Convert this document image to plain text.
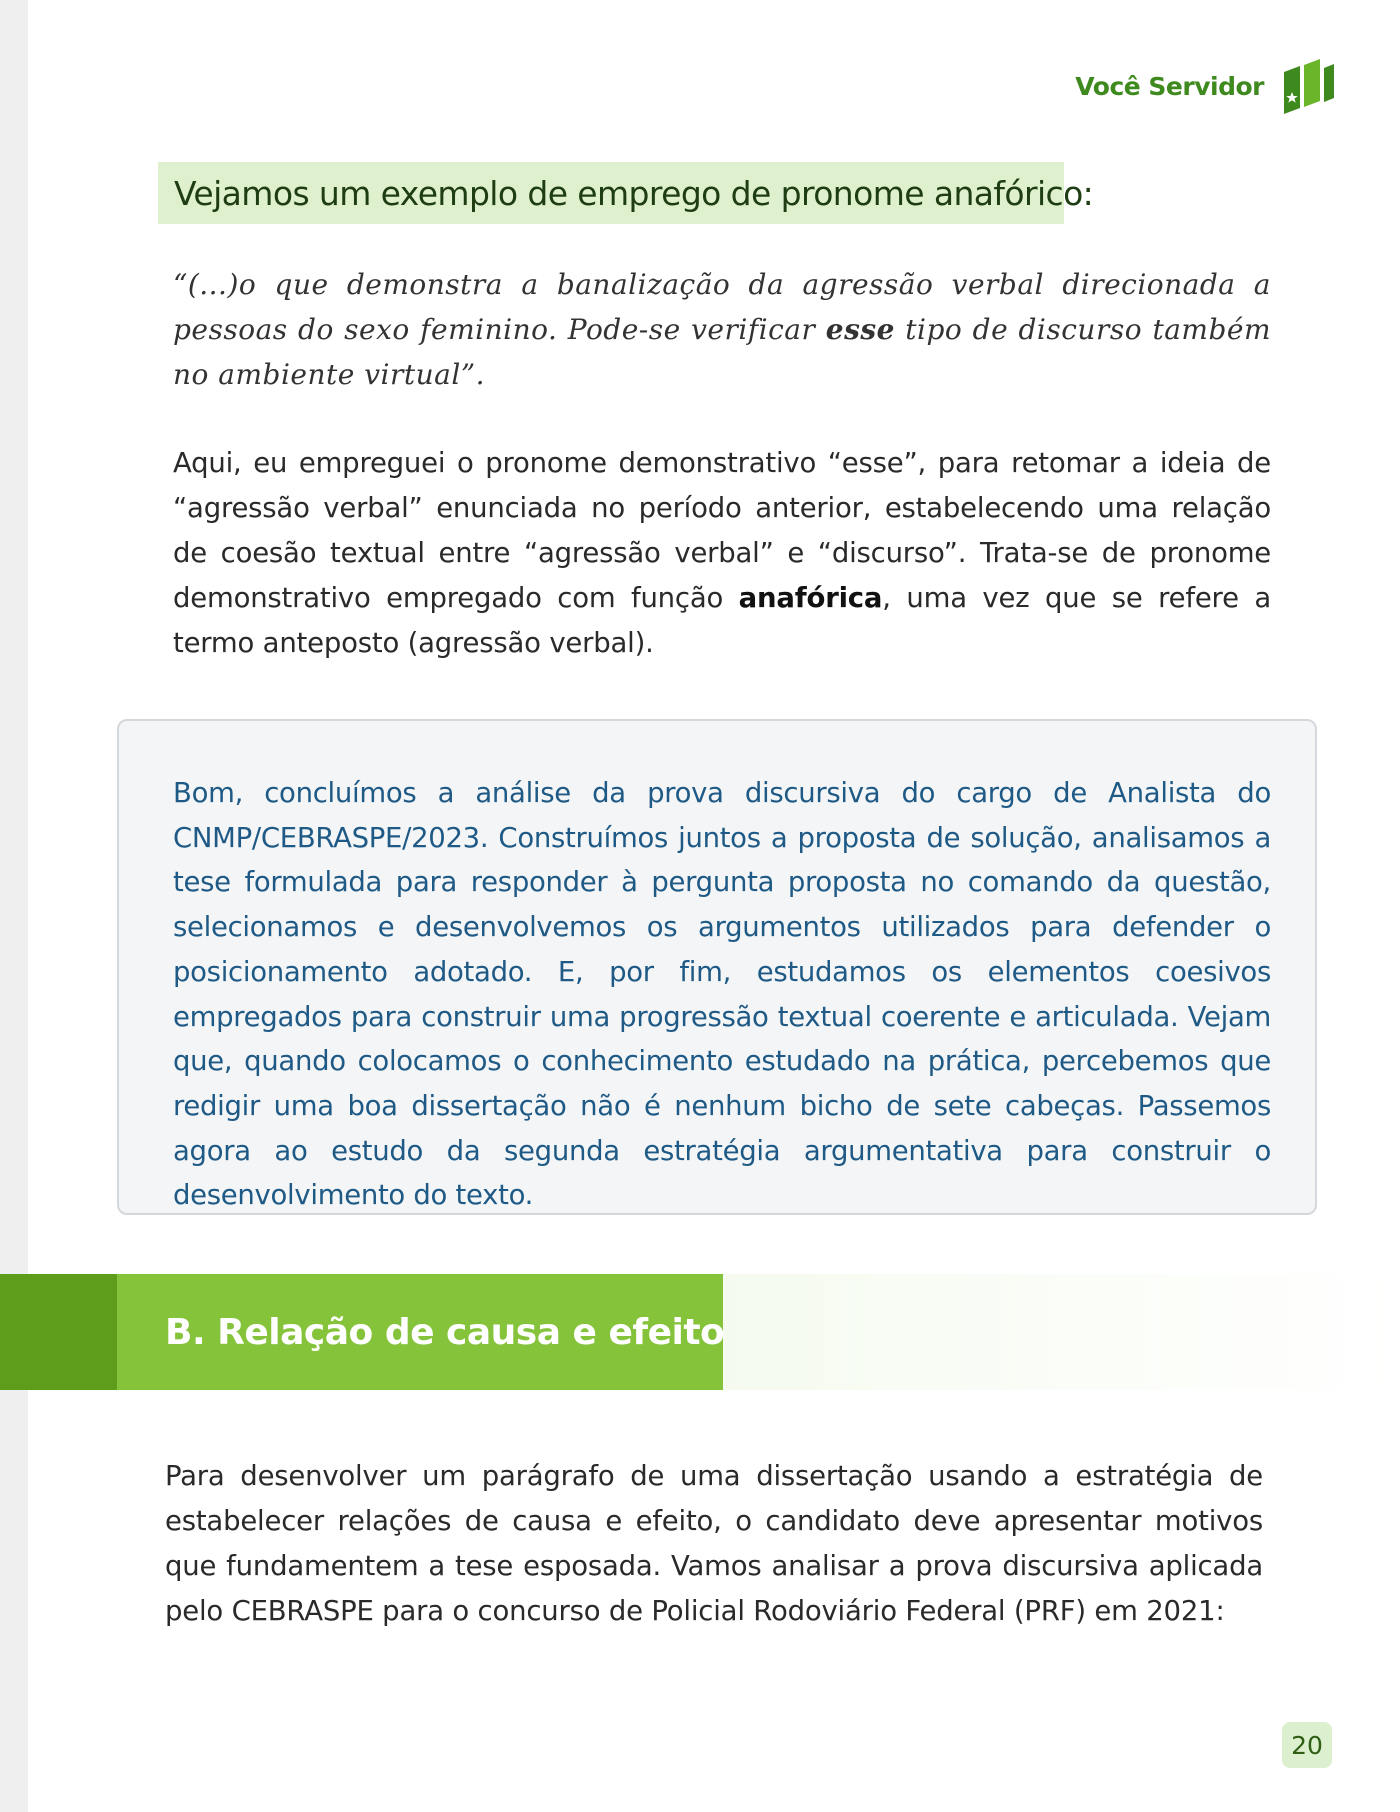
Você Servidor
Vejamos um exemplo de emprego de pronome anafórico:

“(...)o que demonstra a banalização da agressão verbal direcionada a pessoas do sexo feminino. Pode-se verificar esse tipo de discurso também no ambiente virtual”.

Aqui, eu empreguei o pronome demonstrativo “esse”, para retomar a ideia de “agressão verbal” enunciada no período anterior, estabelecendo uma relação de coesão textual entre “agressão verbal” e “discurso”. Trata-se de pronome demonstrativo empregado com função anafórica, uma vez que se refere a termo anteposto (agressão verbal).

Bom, concluímos a análise da prova discursiva do cargo de Analista do CNMP/CEBRASPE/2023. Construímos juntos a proposta de solução, analisamos a tese formulada para responder à pergunta proposta no comando da questão, selecionamos e desenvolvemos os argumentos utilizados para defender o posicionamento adotado. E, por fim, estudamos os elementos coesivos empregados para construir uma progressão textual coerente e articulada. Vejam que, quando colocamos o conhecimento estudado na prática, percebemos que redigir uma boa dissertação não é nenhum bicho de sete cabeças. Passemos agora ao estudo da segunda estratégia argumentativa para construir o desenvolvimento do texto.

B. Relação de causa e efeito

Para desenvolver um parágrafo de uma dissertação usando a estratégia de estabelecer relações de causa e efeito, o candidato deve apresentar motivos que fundamentem a tese esposada. Vamos analisar a prova discursiva aplicada pelo CEBRASPE para o concurso de Policial Rodoviário Federal (PRF) em 2021:

20
